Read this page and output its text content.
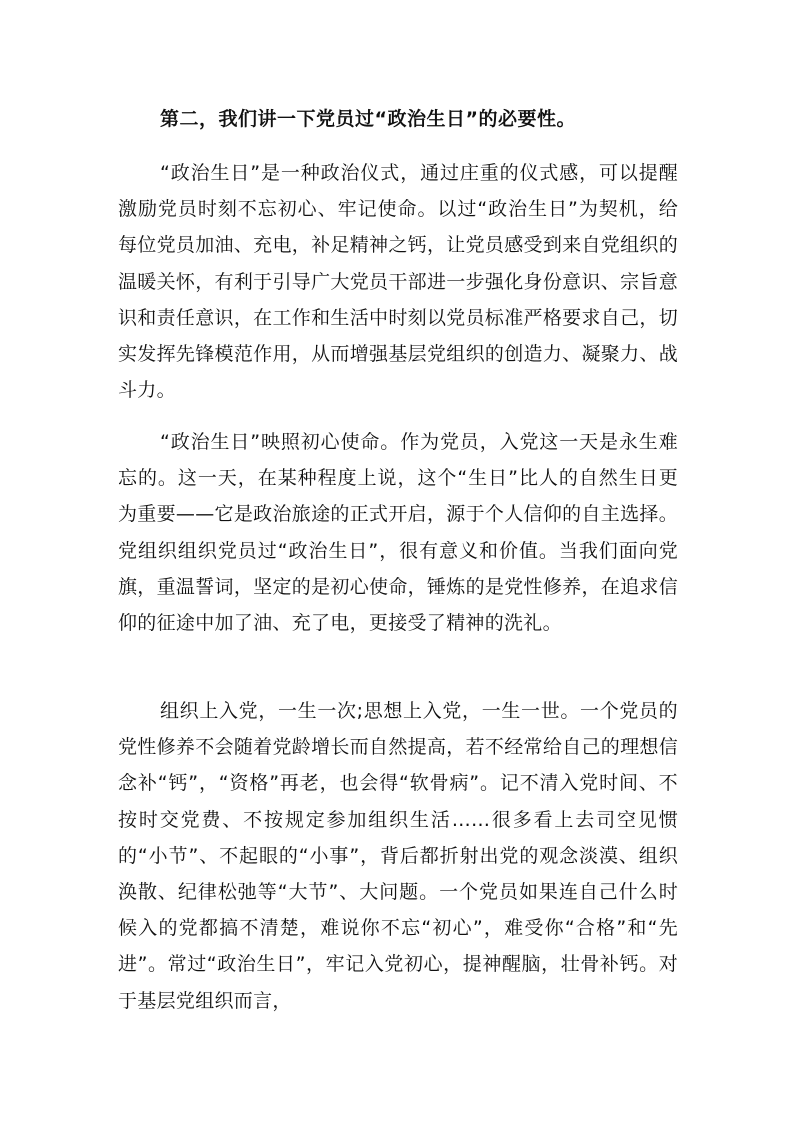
第二，我们讲一下党员过“政治生日”的必要性。

“政治生日”是一种政治仪式，通过庄重的仪式感，可以提醒激励党员时刻不忘初心、牢记使命。以过“政治生日”为契机，给每位党员加油、充电，补足精神之钙，让党员感受到来自党组织的温暖关怀，有利于引导广大党员干部进一步强化身份意识、宗旨意识和责任意识，在工作和生活中时刻以党员标准严格要求自己，切实发挥先锋模范作用，从而增强基层党组织的创造力、凝聚力、战斗力。

“政治生日”映照初心使命。作为党员，入党这一天是永生难忘的。这一天，在某种程度上说，这个“生日”比人的自然生日更为重要——它是政治旅途的正式开启，源于个人信仰的自主选择。党组织组织党员过“政治生日”，很有意义和价值。当我们面向党旗，重温誓词，坚定的是初心使命，锤炼的是党性修养，在追求信仰的征途中加了油、充了电，更接受了精神的洗礼。

组织上入党，一生一次;思想上入党，一生一世。一个党员的党性修养不会随着党龄增长而自然提高，若不经常给自己的理想信念补“钙”，“资格”再老，也会得“软骨病”。记不清入党时间、不按时交党费、不按规定参加组织生活……很多看上去司空见惯的“小节”、不起眼的“小事”，背后都折射出党的观念淡漠、组织涣散、纪律松弛等“大节”、大问题。一个党员如果连自己什么时候入的党都搞不清楚，难说你不忘“初心”，难受你“合格”和“先进”。常过“政治生日”，牢记入党初心，提神醒脑，壮骨补钙。对于基层党组织而言，
